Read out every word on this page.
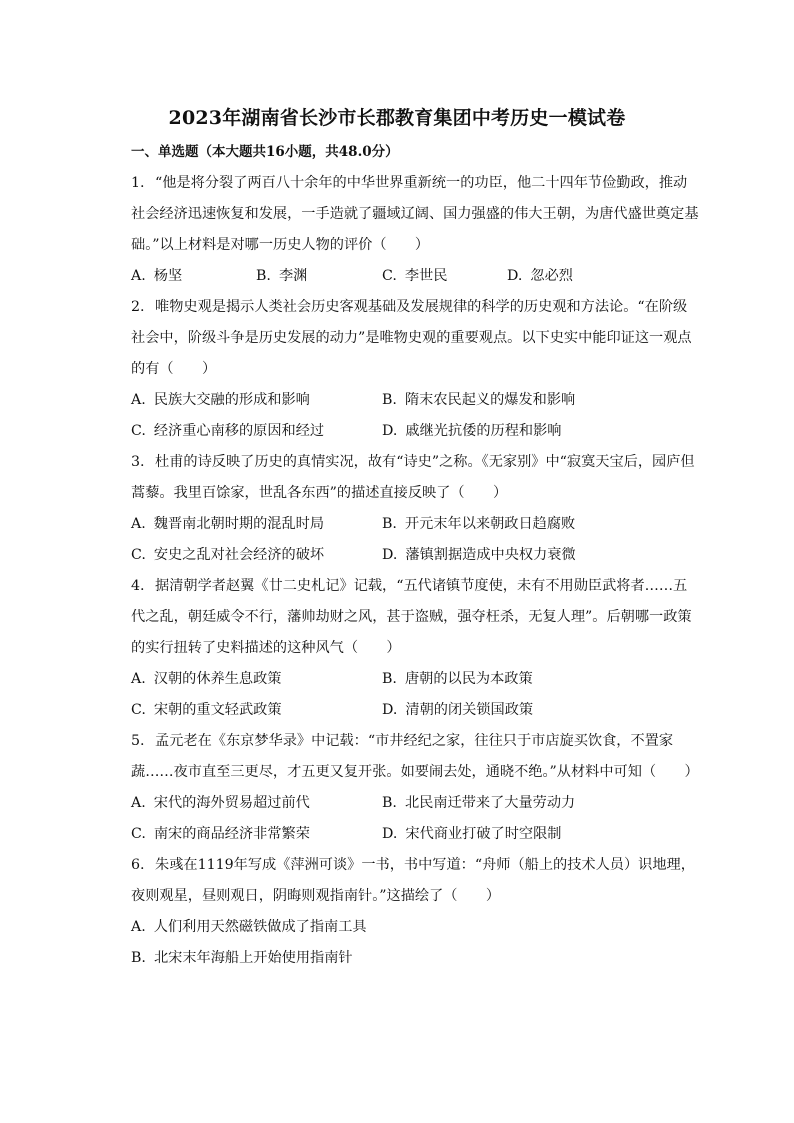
2023年湖南省长沙市长郡教育集团中考历史一模试卷
一、单选题（本大题共16小题，共48.0分）
1. “他是将分裂了两百八十余年的中华世界重新统一的功臣，他二十四年节俭勤政，推动社会经济迅速恢复和发展，一手造就了疆域辽阔、国力强盛的伟大王朝，为唐代盛世奠定基础。”以上材料是对哪一历史人物的评价（　　）
A. 杨坚	B. 李渊	C. 李世民	D. 忽必烈
2. 唯物史观是揭示人类社会历史客观基础及发展规律的科学的历史观和方法论。“在阶级社会中，阶级斗争是历史发展的动力”是唯物史观的重要观点。以下史实中能印证这一观点的有（　　）
A. 民族大交融的形成和影响	B. 隋末农民起义的爆发和影响
C. 经济重心南移的原因和经过	D. 戚继光抗倭的历程和影响
3. 杜甫的诗反映了历史的真情实况，故有“诗史”之称。《无家别》中“寂寞天宝后，园庐但蒿藜。我里百馀家，世乱各东西”的描述直接反映了（　　）
A. 魏晋南北朝时期的混乱时局	B. 开元末年以来朝政日趋腐败
C. 安史之乱对社会经济的破坏	D. 藩镇割据造成中央权力衰微
4. 据清朝学者赵翼《廿二史札记》记载，“五代诸镇节度使，未有不用勋臣武将者……五代之乱，朝廷威令不行，藩帅劫财之风，甚于盗贼，强夺枉杀，无复人理”。后朝哪一政策的实行扭转了史料描述的这种风气（　　）
A. 汉朝的休养生息政策	B. 唐朝的以民为本政策
C. 宋朝的重文轻武政策	D. 清朝的闭关锁国政策
5. 孟元老在《东京梦华录》中记载：“市井经纪之家，往往只于市店旋买饮食，不置家蔬……夜市直至三更尽，才五更又复开张。如要闹去处，通晓不绝。”从材料中可知（　　）
A. 宋代的海外贸易超过前代	B. 北民南迁带来了大量劳动力
C. 南宋的商品经济非常繁荣	D. 宋代商业打破了时空限制
6. 朱彧在1119年写成《萍洲可谈》一书，书中写道：“舟师（船上的技术人员）识地理，夜则观星，昼则观日，阴晦则观指南针。”这描绘了（　　）
A. 人们利用天然磁铁做成了指南工具
B. 北宋末年海船上开始使用指南针
